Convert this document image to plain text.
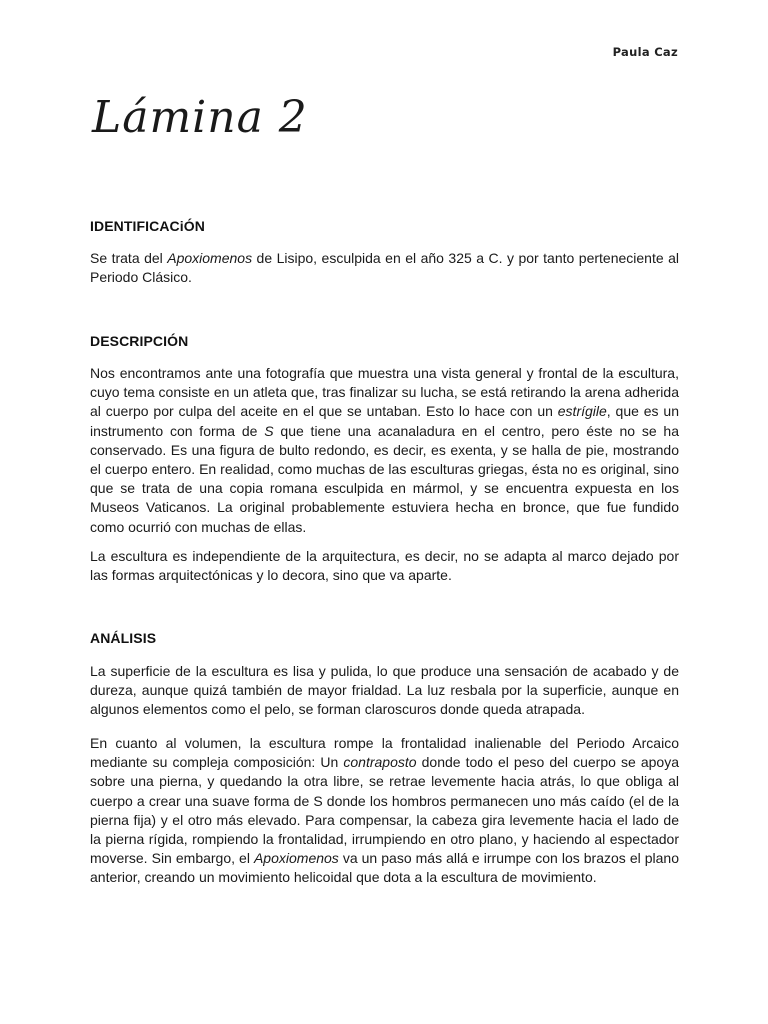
Paula Caz
Lámina 2
IDENTIFICACiÓN

Se trata del Apoxiomenos de Lisipo, esculpida en el año 325 a C. y por tanto perteneciente al Periodo Clásico.

DESCRIPCIÓN

Nos encontramos ante una fotografía que muestra una vista general y frontal de la escultura, cuyo tema consiste en un atleta que, tras finalizar su lucha, se está retirando la arena adherida al cuerpo por culpa del aceite en el que se untaban. Esto lo hace con un estrígile, que es un instrumento con forma de S que tiene una acanaladura en el centro, pero éste no se ha conservado. Es una figura de bulto redondo, es decir, es exenta, y se halla de pie, mostrando el cuerpo entero. En realidad, como muchas de las esculturas griegas, ésta no es original, sino que se trata de una copia romana esculpida en mármol, y se encuentra expuesta en los Museos Vaticanos. La original probablemente estuviera hecha en bronce, que fue fundido como ocurrió con muchas de ellas.

La escultura es independiente de la arquitectura, es decir, no se adapta al marco dejado por las formas arquitectónicas y lo decora, sino que va aparte.

ANÁLISIS

La superficie de la escultura es lisa y pulida, lo que produce una sensación de acabado y de dureza, aunque quizá también de mayor frialdad. La luz resbala por la superficie, aunque en algunos elementos como el pelo, se forman claroscuros donde queda atrapada.

En cuanto al volumen, la escultura rompe la frontalidad inalienable del Periodo Arcaico mediante su compleja composición: Un contraposto donde todo el peso del cuerpo se apoya sobre una pierna, y quedando la otra libre, se retrae levemente hacia atrás, lo que obliga al cuerpo a crear una suave forma de S donde los hombros permanecen uno más caído (el de la pierna fija) y el otro más elevado. Para compensar, la cabeza gira levemente hacia el lado de la pierna rígida, rompiendo la frontalidad, irrumpiendo en otro plano, y haciendo al espectador moverse. Sin embargo, el Apoxiomenos va un paso más allá e irrumpe con los brazos el plano anterior, creando un movimiento helicoidal que dota a la escultura de movimiento.
